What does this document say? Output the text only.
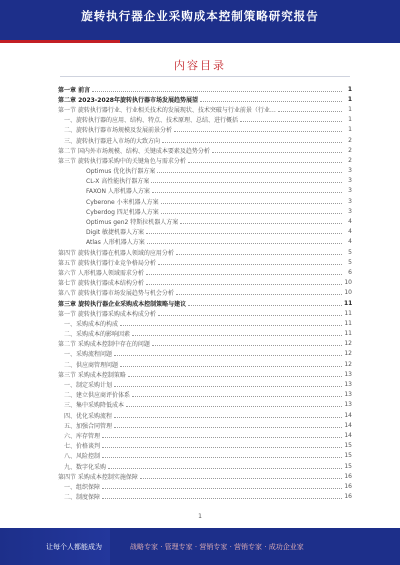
旋转执行器企业采购成本控制策略研究报告
内容目录
第一章 前言	1
第二章 2023-2028年旋转执行器市场发展趋势展望	1
第一节 旋转执行器行业、行业相关技术的发展现状、技术突破与行业前景（行业…	1
一、旋转执行器的应用、结构、特点、技术原理、总结、进行概括	1
二、旋转执行器市场规模及发展前景分析	1
三、旋转执行器进入市场的大致方向	2
第二节 国内外市场规模、结构、关键成本要素及趋势分析	2
第三节 旋转执行器采购中的关键角色与需求分析	2
Optimus 优化执行器方案	3
CL-X 高性能执行器方案	3
FAXON 人形机器人方案	3
Cyberone 小米机器人方案	3
Cyberdog 四足机器人方案	3
Optimus gen2 特斯拉机器人方案	4
Digit 敏捷机器人方案	4
Atlas 人形机器人方案	4
第四节 旋转执行器在机器人领域的应用分析	5
第五节 旋转执行器行业竞争格局分析	5
第六节 人形机器人领域需求分析	6
第七节 旋转执行器成本结构分析	10
第八节 旋转执行器市场发展趋势与机会分析	10
第三章 旋转执行器企业采购成本控制策略与建议	11
第一节 旋转执行器采购成本构成分析	11
一、采购成本的构成	11
二、采购成本的影响因素	11
第二节 采购成本控制中存在的问题	12
一、采购流程问题	12
二、供应商管理问题	12
第三节 采购成本控制策略	13
一、制定采购计划	13
二、建立供应商评价体系	13
三、集中采购降低成本	13
四、优化采购流程	14
五、加强合同管理	14
六、库存管理	14
七、价格谈判	15
八、风险控制	15
九、数字化采购	15
第四节 采购成本控制实施保障	16
一、组织保障	16
二、制度保障	16
1
让每个人都能成为	战略专家 · 管理专家 · 营销专家 · 营销专家 · 成功企业家
